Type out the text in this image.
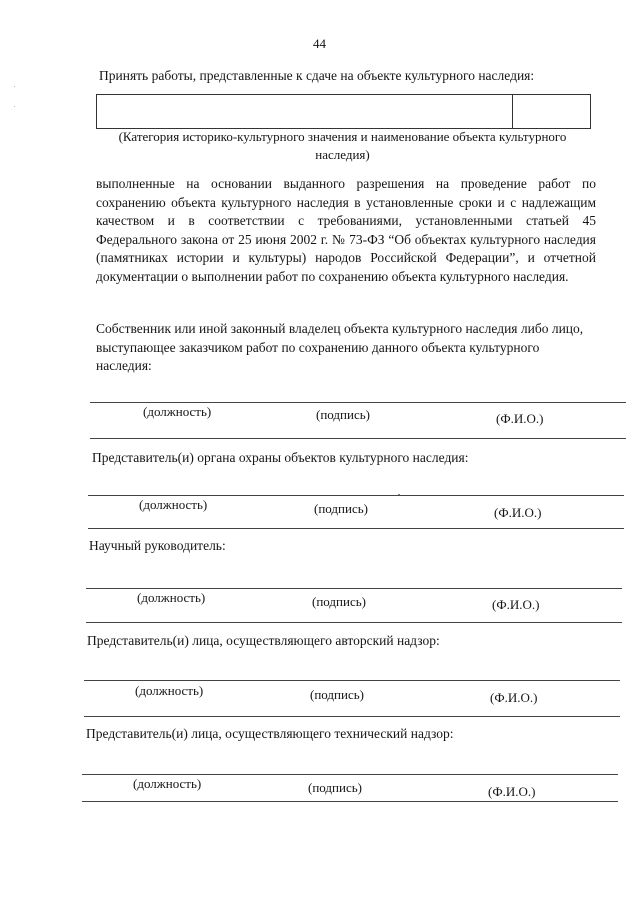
44
Принять работы, представленные к сдаче на объекте культурного наследия:
(Категория историко-культурного значения и наименование объекта культурного наследия)
выполненные на основании выданного разрешения на проведение работ по сохранению объекта культурного наследия в установленные сроки и с надлежащим качеством и в соответствии с требованиями, установленными статьей 45 Федерального закона от 25 июня 2002 г. № 73-ФЗ “Об объектах культурного наследия (памятниках истории и культуры) народов Российской Федерации”, и отчетной документации о выполнении работ по сохранению объекта культурного наследия.
Собственник или иной законный владелец объекта культурного наследия либо лицо, выступающее заказчиком работ по сохранению данного объекта культурного наследия:
(должность)	(подпись)	(Ф.И.О.)
Представитель(и) органа охраны объектов культурного наследия:
(должность)	(подпись)	(Ф.И.О.)
Научный руководитель:
(должность)	(подпись)	(Ф.И.О.)
Представитель(и) лица, осуществляющего авторский надзор:
(должность)	(подпись)	(Ф.И.О.)
Представитель(и) лица, осуществляющего технический надзор:
(должность)	(подпись)	(Ф.И.О.)
